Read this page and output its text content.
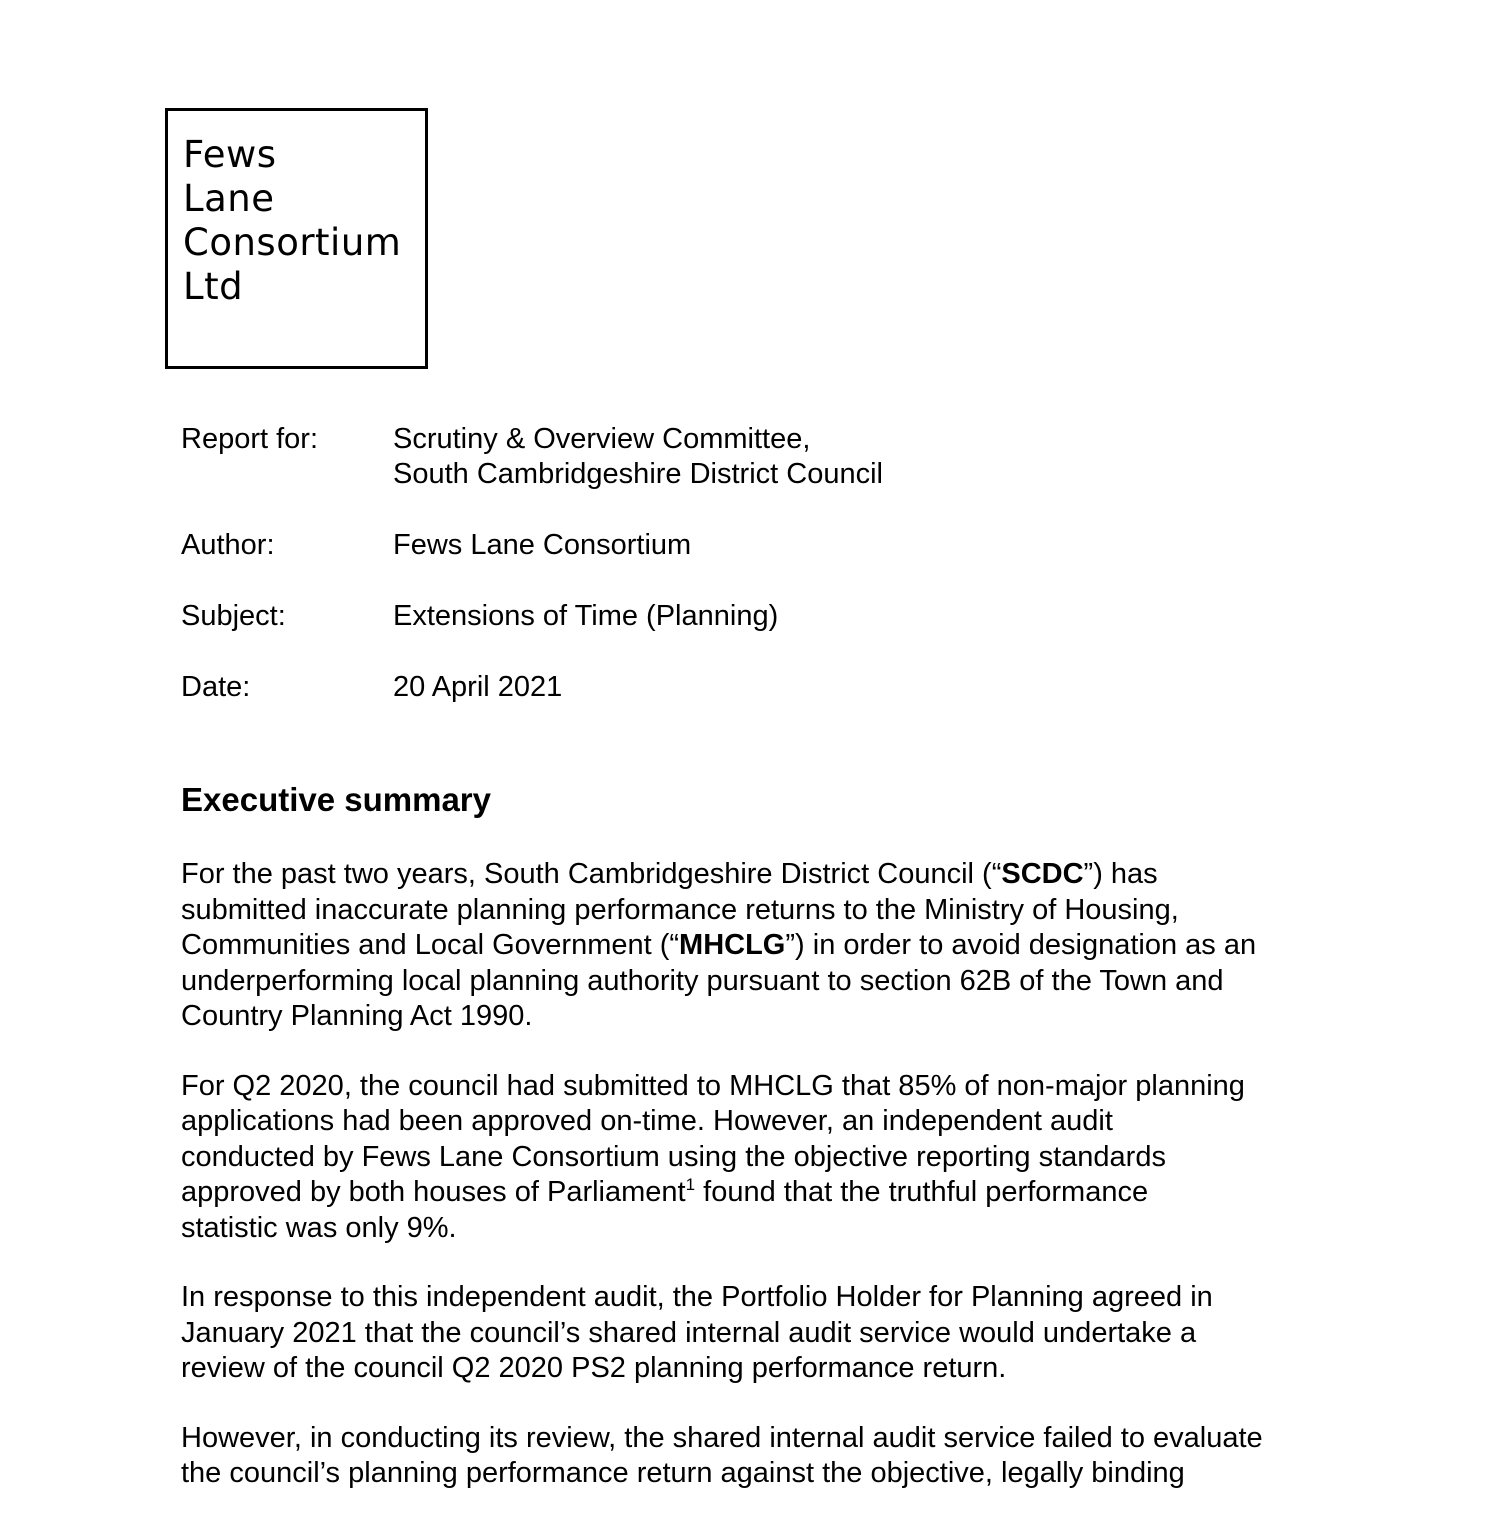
Fews
Lane
Consortium
Ltd
Report for:	Scrutiny & Overview Committee,
South Cambridgeshire District Council
Author:	Fews Lane Consortium
Subject:	Extensions of Time (Planning)
Date:	20 April 2021
Executive summary

For the past two years, South Cambridgeshire District Council (“SCDC”) has
submitted inaccurate planning performance returns to the Ministry of Housing,
Communities and Local Government (“MHCLG”) in order to avoid designation as an
underperforming local planning authority pursuant to section 62B of the Town and
Country Planning Act 1990.

For Q2 2020, the council had submitted to MHCLG that 85% of non-major planning
applications had been approved on-time. However, an independent audit
conducted by Fews Lane Consortium using the objective reporting standards
approved by both houses of Parliament$^1$ found that the truthful performance
statistic was only 9%.

In response to this independent audit, the Portfolio Holder for Planning agreed in
January 2021 that the council’s shared internal audit service would undertake a
review of the council Q2 2020 PS2 planning performance return.

However, in conducting its review, the shared internal audit service failed to evaluate
the council’s planning performance return against the objective, legally binding
